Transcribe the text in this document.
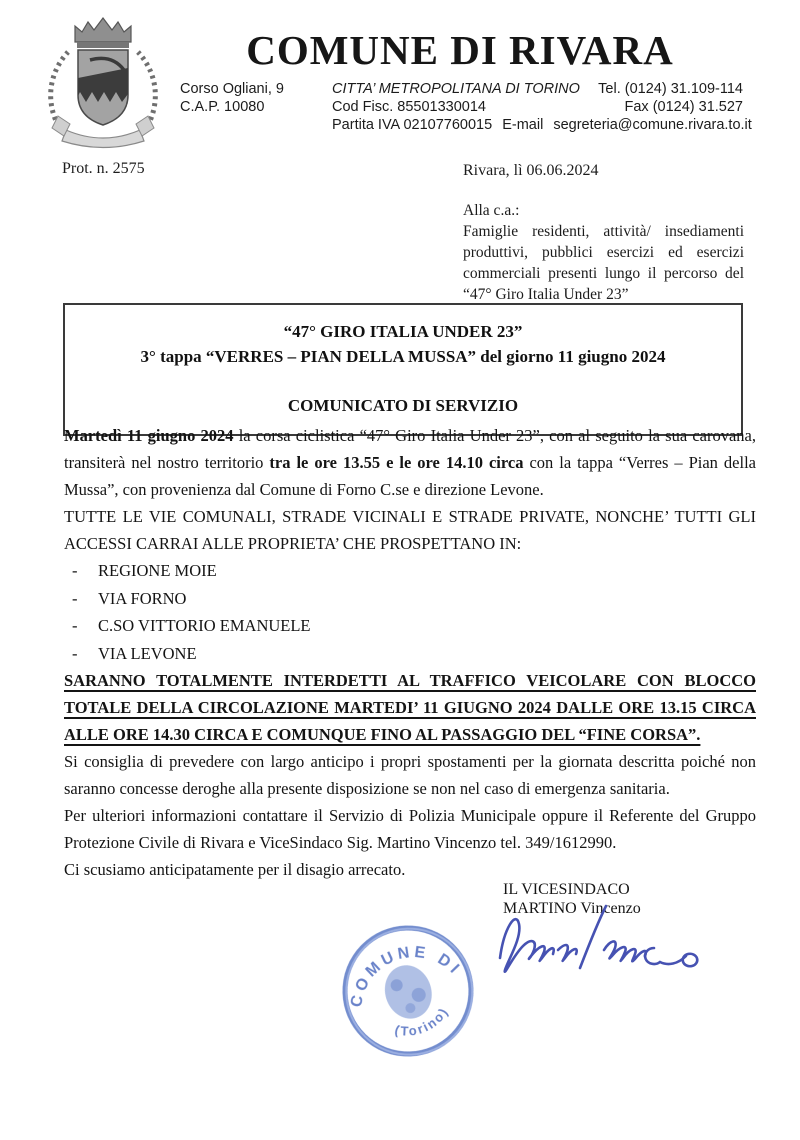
COMUNE DI RIVARA
Corso Ogliani, 9
C.A.P. 10080
CITTA’ METROPOLITANA DI TORINO
Cod Fisc. 85501330014
Partita IVA 02107760015 E-mail segreteria@comune.rivara.to.it
Tel. (0124) 31.109-114
Fax (0124) 31.527
Prot. n. 2575	Rivara, lì 06.06.2024
Alla c.a.:
Famiglie residenti, attività/ insediamenti produttivi, pubblici esercizi ed esercizi commerciali presenti lungo il percorso del “47° Giro Italia Under 23”
“47° GIRO ITALIA UNDER 23”
3° tappa “VERRES – PIAN DELLA MUSSA” del giorno 11 giugno 2024
COMUNICATO DI SERVIZIO

Martedì 11 giugno 2024 la corsa ciclistica “47° Giro Italia Under 23”, con al seguito la sua carovana, transiterà nel nostro territorio tra le ore 13.55 e le ore 14.10 circa con la tappa “Verres – Pian della Mussa”, con provenienza dal Comune di Forno C.se e direzione Levone.

TUTTE LE VIE COMUNALI, STRADE VICINALI E STRADE PRIVATE, NONCHE’ TUTTI GLI ACCESSI CARRAI ALLE PROPRIETA’ CHE PROSPETTANO IN:

-	REGIONE MOIE
-	VIA FORNO
-	C.SO VITTORIO EMANUELE
-	VIA LEVONE

SARANNO TOTALMENTE INTERDETTI AL TRAFFICO VEICOLARE CON BLOCCO TOTALE DELLA CIRCOLAZIONE MARTEDI’ 11 GIUGNO 2024 DALLE ORE 13.15 CIRCA ALLE ORE 14.30 CIRCA E COMUNQUE FINO AL PASSAGGIO DEL “FINE CORSA”.

Si consiglia di prevedere con largo anticipo i propri spostamenti per la giornata descritta poiché non saranno concesse deroghe alla presente disposizione se non nel caso di emergenza sanitaria.

Per ulteriori informazioni contattare il Servizio di Polizia Municipale oppure il Referente del Gruppo Protezione Civile di Rivara e ViceSindaco Sig. Martino Vincenzo tel. 349/1612990.

Ci scusiamo anticipatamente per il disagio arrecato.

IL VICESINDACO
MARTINO Vincenzo
COMUNE DI
(Torino)
